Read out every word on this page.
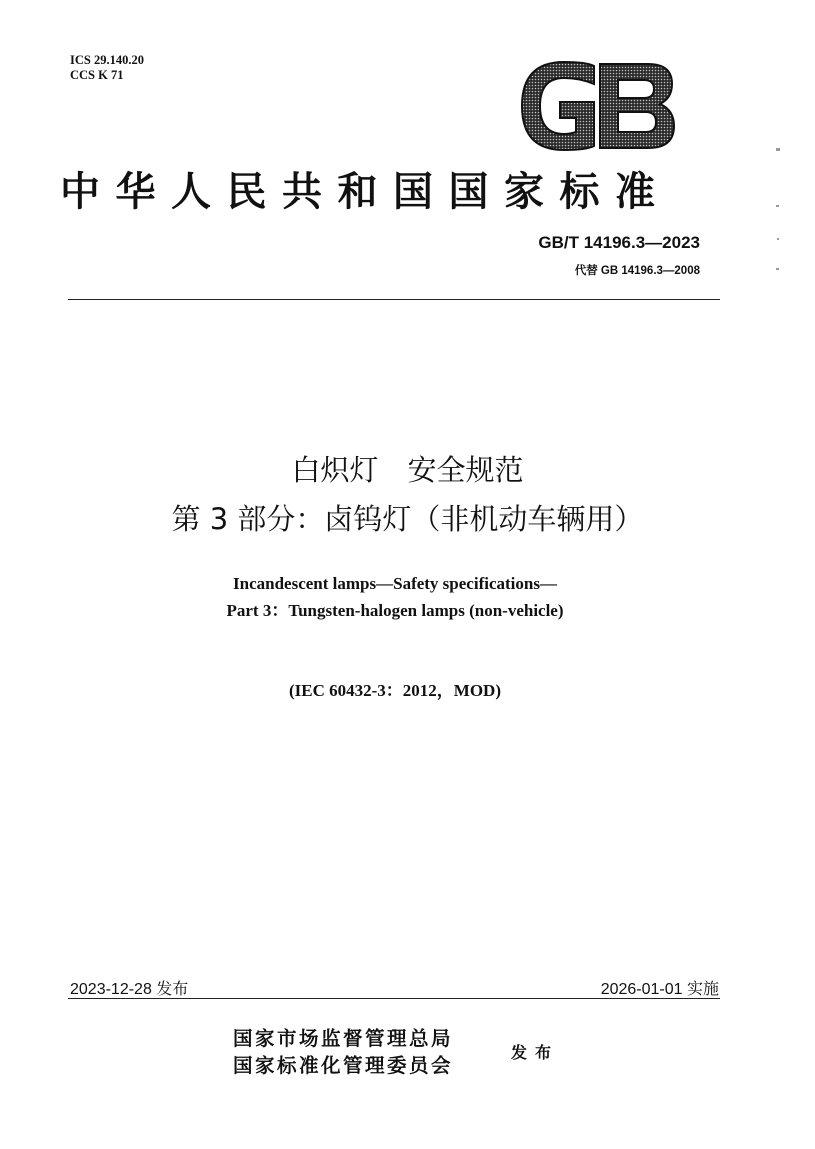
ICS 29.140.20
CCS K 71
中华人民共和国国家标准
GB/T 14196.3—2023
代替 GB 14196.3—2008
白炽灯　安全规范
第 3 部分：卤钨灯（非机动车辆用）
Incandescent lamps—Safety specifications—
Part 3：Tungsten-halogen lamps (non-vehicle)
(IEC 60432-3：2012，MOD)
2023-12-28 发布	2026-01-01 实施
国家市场监督管理总局
国家标准化管理委员会
发布
